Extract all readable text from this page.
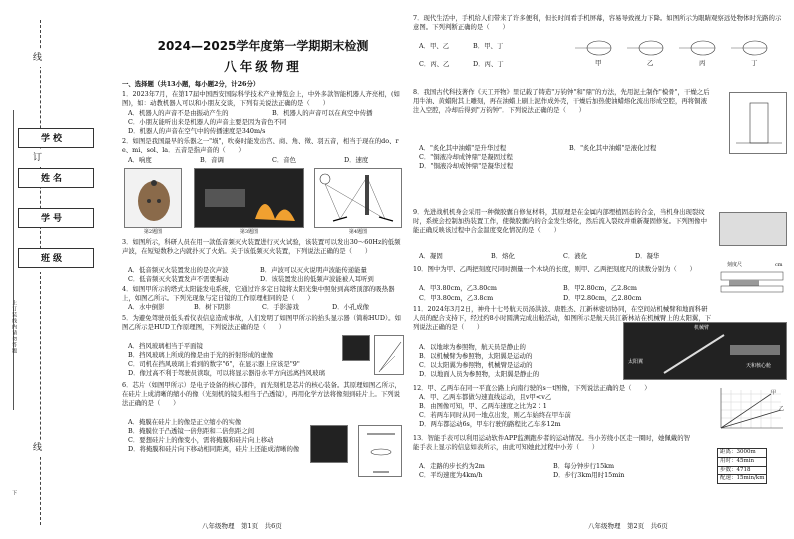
线
订
线
上订装线内请勿答题
下
学校
姓名
学号
班级
2024—2025学年度第一学期期末检测
八年级物理
一、选择题（共13小题，每小题2分，计26分）
1．2023年7月，在第17届中国西安国际科学技术产业博览会上，中外多款智能机器人齐亮相，(如图)，如：动教机器人可以和小朋友交谈，下列有关说法正确的是（　　）
A．机器人的声音不是由振动产生的	B．机器人的声音可以在真空中传播
C．小朋友能听出来是机器人的声音主要是因为音色不同
D．机器人的声音在空气中的传播速度是340m/s
2．如图是我国最早的乐器之一"埙"，吹奏时能发出宫、商、角、徵、羽五音，相当于现在的do、re、mi、sol、la．五音是指声音的（　　）
A．响度	B．音调	C．音色	D．速度
第2题图	第3题图	第4题图
3．如图所示，科研人员在用一款低音频灭火装置进行灭火试验，该装置可以发出30～60Hz的低频声波，在短短数秒之内就扑灭了火焰。关于该低频灭火装置，下列说法正确的是（　　）
A．低音频灭火装置发出的是次声波	B．声波可以灭火说明声波能传递能量
C．低音频灭火装置发声不需要振动	D．该装置发出的低频声波能被人耳听到
4．如图甲所示的塔式太阳能发电系统，它通过许多定日镜将太阳光集中照射到高塔顶部的吸热器上，如图乙所示。下列光现象与定日镜的工作原理相同的是（　　）
A．水中倒影	B．树下阴影	C．手影游戏	D．小孔成像
5．为避免驾驶员低头看仪表信息造成事故，人们发明了如图甲所示的抬头显示器（简称HUD）。如图乙所示是HUD工作原理图，下列说法正确的是（　　）
A．挡风玻璃相当于平面镜
B．挡风玻璃上所成的像是由于光的折射形成的虚像
C．司机在挡风玻璃上看到的数字"6"，在显示器上应该是"9"
D．像过高不利于驾驶员读取，可以将显示器沿水平方向远离挡风玻璃
6．芯片（如图甲所示）是电子设备的核心部件，而光刻机是芯片的核心装备。其原理如图乙所示，在硅片上成清晰的缩小的像（光刻机的镜头相当于凸透镜），再用化学方法将像刻到硅片上。下列说法正确的是（　　）
A．掩膜在硅片上的像是正立缩小的实像
B．掩膜位于凸透镜一倍焦距和二倍焦距之间
C．要想硅片上的像变小，需将掩膜和硅片向上移动
D．将掩膜和硅片向下移动相同距离，硅片上还能成清晰的像
八年级物理　第1页　共6页
7．现代生活中，手机给人们带来了许多便利，但长时间看手机屏幕，容易导致视力下降。如图所示为眼睛观察远处物体时光路的示意图。下列判断正确的是（　　）
A．甲、乙	B．甲、丁
C．丙、乙	D．丙、丁	甲	乙	丙	丁
8．我国古代科技著作《天工开物》里记载了铸造"万钧钟"和"鼎"的方法，先用泥土制作"模骨"，干燥之后用牛油、黄蜡附其上雕刻，再在油蜡上刷上泥作成外壳，干燥后加热使油蜡熔化流出形成空腔，再将铜液注入空腔，冷却后得到"万钧钟"．下列说法正确的是（　　）
A．"炙化其中油蜡"是升华过程	B．"炙化其中油蜡"是液化过程
C．"铜液冷却成钟鼎"是凝固过程
D．"铜液冷却成钟鼎"是凝华过程
9．先进战机机身会采用一种微胶囊自修复材料，其原理是在金属内部埋植固态的合金，当机身出现裂纹时，系统会控制加热装置工作，使微胶囊内的合金发生熔化，然后流入裂纹并重新凝固修复。下列图像中能正确反映该过程中合金温度变化情况的是（　　）
A．凝固	B．熔化	C．液化	D．凝华
10．图中为甲、乙两把刻度尺同时测量一个木块的长度，则甲、乙两把刻度尺的读数分别为（　　）
A．甲3.80cm，乙3.80cm	B．甲2.80cm，乙2.8cm
C．甲3.80cm，乙3.8cm	D．甲2.80cm，乙2.80cm
刻度尺	cm
11．2024年3月2日，神舟十七号航天员汤洪波、唐胜杰、江新林密切协同，在空间站机械臂和地面科研人员的配合支持下，经过约8小时圆满完成出舱活动，如图所示是航天员江新林站在机械臂上的太阳翼，下列说法正确的是（　　）
A．以地球为参照物，航天员是静止的
B．以机械臂为参照物，太阳翼是运动的
C．以太阳翼为参照物，机械臂是运动的
D．以地面人员为参照物，太阳翼是静止的
机械臂
太阳翼
天和核心舱
12．甲、乙两车在同一平直公路上向南行驶的s－t图像，下列说法正确的是（　　）
A．甲、乙两车都做匀速直线运动，且v甲<v乙
B．由图像可知，甲、乙两车速度之比为2∶1
C．若两车同时从同一地点出发，则乙车始终在甲车前
D．两车都运动6s，甲车行驶的路程比乙车多12m
甲
乙
13．智能手表可以利用运动软件APP监测跑步者的运动情况。当小芳绕小区走一圈时，她佩戴的智能手表上显示的信息如表所示，由此可知她此过程中小芳（　　）
A．走路的步长约为2m	B．每分钟步行15km
C．平均速度为4km/h	D．步行3km用时15min
距离：3000m
用时：45min
步数：4718
配速：15min/km
八年级物理　第2页　共6页
